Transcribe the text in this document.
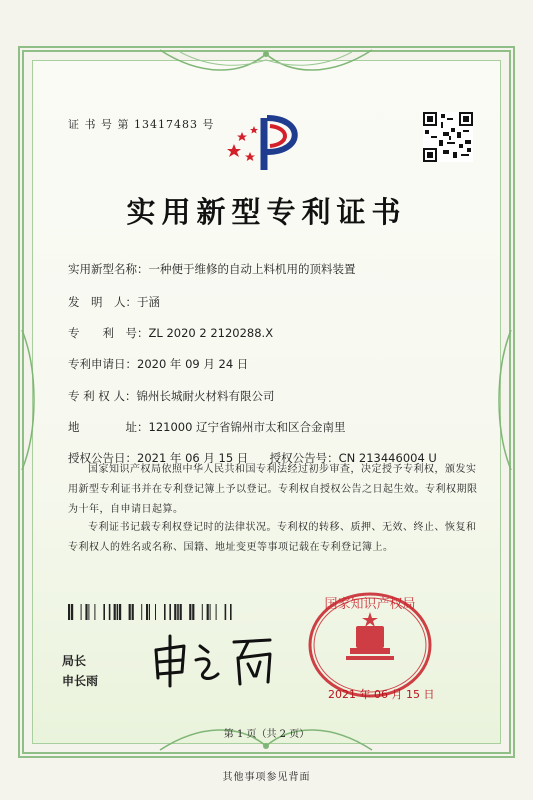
证 书 号 第 13417483 号
实用新型专利证书
实用新型名称：一种便于维修的自动上料机用的顶料装置
发　明　人：于涵
专　　利　号：ZL 2020 2 2120288.X
专利申请日：2020 年 09 月 24 日
专 利 权 人：锦州长城耐火材料有限公司
地　　　　址：121000 辽宁省锦州市太和区合金南里
授权公告日：2021 年 06 月 15 日 授权公告号：CN 213446004 U
国家知识产权局依照中华人民共和国专利法经过初步审查，决定授予专利权，颁发实用新型专利证书并在专利登记簿上予以登记。专利权自授权公告之日起生效。专利权期限为十年，自申请日起算。
专利证书记载专利权登记时的法律状况。专利权的转移、质押、无效、终止、恢复和专利权人的姓名或名称、国籍、地址变更等事项记载在专利登记簿上。
局长
申长雨
国家知识产权局
2021 年 06 月 15 日
第 1 页（共 2 页）
其他事项参见背面
